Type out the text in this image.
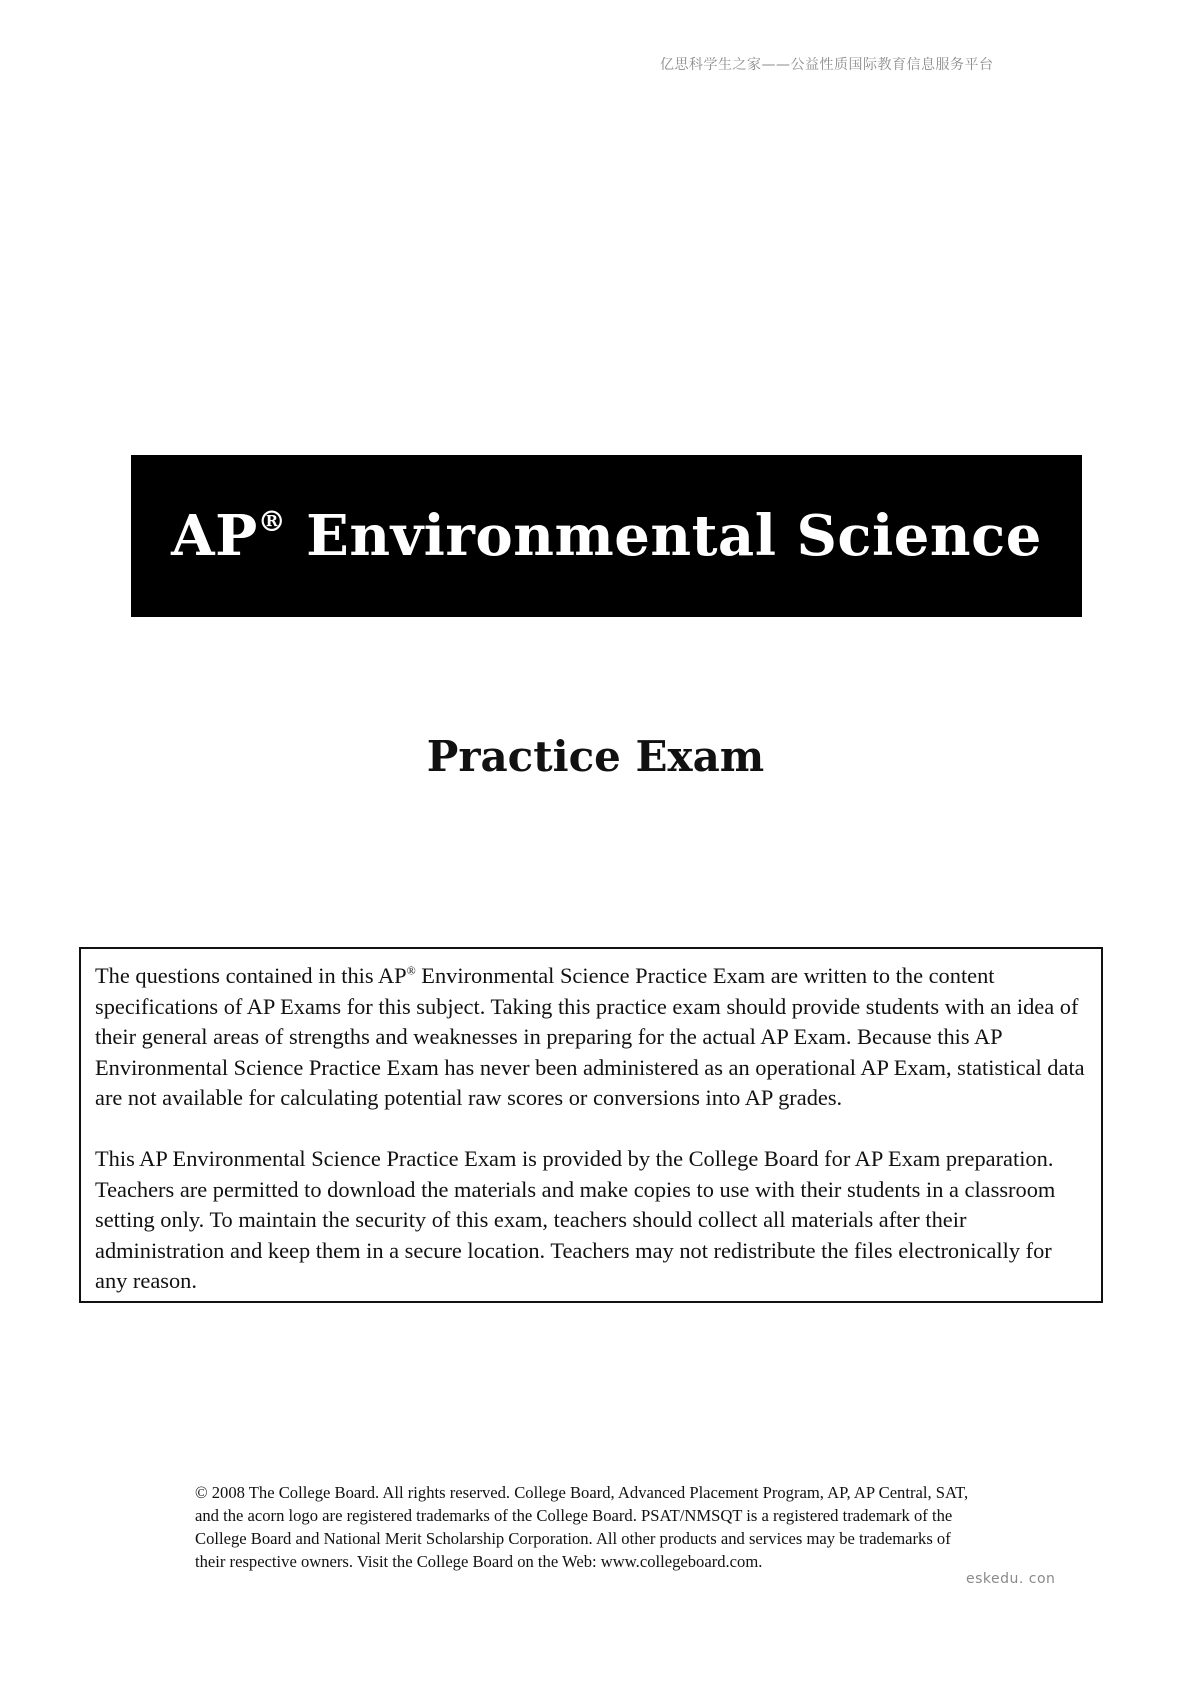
亿思科学生之家——公益性质国际教育信息服务平台
AP® Environmental Science
Practice Exam

The questions contained in this AP® Environmental Science Practice Exam are written to the content specifications of AP Exams for this subject. Taking this practice exam should provide students with an idea of their general areas of strengths and weaknesses in preparing for the actual AP Exam. Because this AP Environmental Science Practice Exam has never been administered as an operational AP Exam, statistical data are not available for calculating potential raw scores or conversions into AP grades.

This AP Environmental Science Practice Exam is provided by the College Board for AP Exam preparation. Teachers are permitted to download the materials and make copies to use with their students in a classroom setting only. To maintain the security of this exam, teachers should collect all materials after their administration and keep them in a secure location. Teachers may not redistribute the files electronically for any reason.

© 2008 The College Board. All rights reserved. College Board, Advanced Placement Program, AP, AP Central, SAT, and the acorn logo are registered trademarks of the College Board. PSAT/NMSQT is a registered trademark of the College Board and National Merit Scholarship Corporation. All other products and services may be trademarks of their respective owners. Visit the College Board on the Web: www.collegeboard.com.
eskedu. con
